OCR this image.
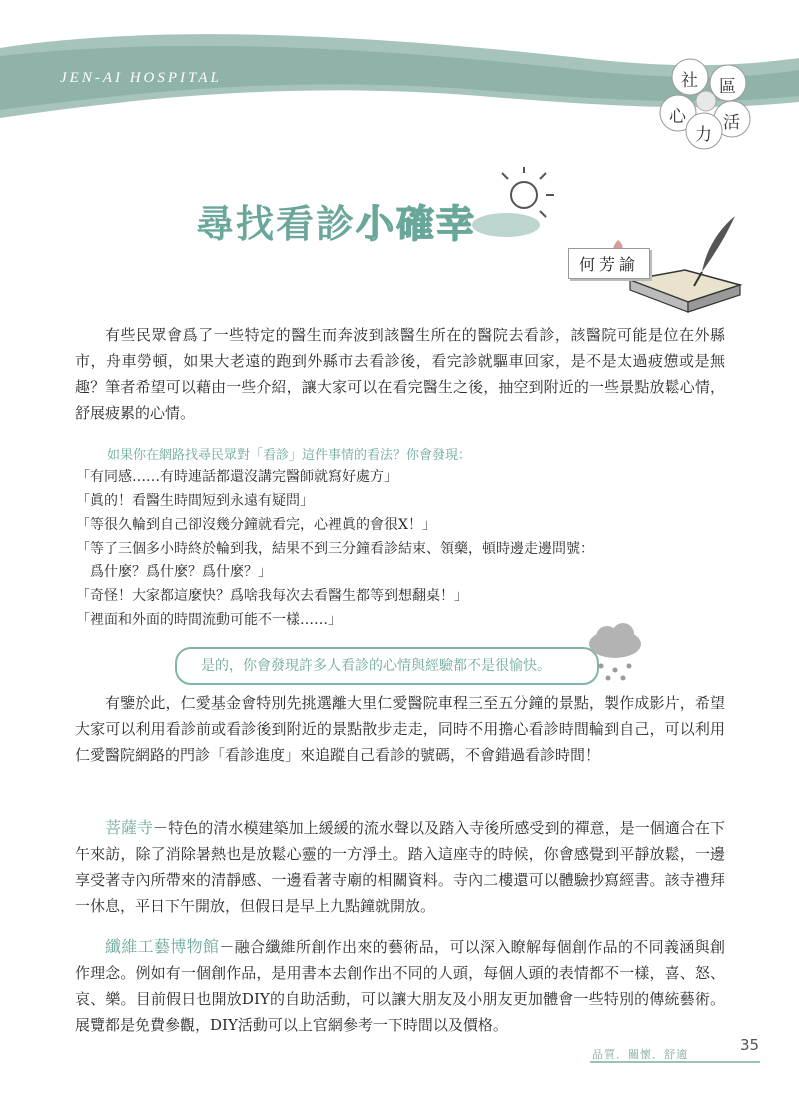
JEN-AI HOSPITAL	社 區
心 活
力
尋找看診小確幸
何芳諭

有些民眾會爲了一些特定的醫生而奔波到該醫生所在的醫院去看診，該醫院可能是位在外縣市，舟車勞頓，如果大老遠的跑到外縣市去看診後，看完診就驅車回家，是不是太過疲憊或是無趣？筆者希望可以藉由一些介紹，讓大家可以在看完醫生之後，抽空到附近的一些景點放鬆心情，舒展疲累的心情。

如果你在網路找尋民眾對「看診」這件事情的看法？你會發現：
「有同感……有時連話都還沒講完醫師就寫好處方」
「眞的！看醫生時間短到永遠有疑問」
「等很久輪到自己卻沒幾分鐘就看完，心裡眞的會很X！」
「等了三個多小時終於輪到我，結果不到三分鐘看診結束、領藥，頓時邊走邊問號：
　爲什麼？爲什麼？爲什麼？」
「奇怪！大家都這麼快？爲啥我每次去看醫生都等到想翻桌！」
「裡面和外面的時間流動可能不一樣……」
是的，你會發現許多人看診的心情與經驗都不是很愉快。

有鑒於此，仁愛基金會特別先挑選離大里仁愛醫院車程三至五分鐘的景點，製作成影片，希望大家可以利用看診前或看診後到附近的景點散步走走，同時不用擔心看診時間輪到自己，可以利用仁愛醫院網路的門診「看診進度」來追蹤自己看診的號碼，不會錯過看診時間！

菩薩寺－特色的清水模建築加上緩緩的流水聲以及踏入寺後所感受到的禪意，是一個適合在下午來訪，除了消除暑熱也是放鬆心靈的一方淨土。踏入這座寺的時候，你會感覺到平靜放鬆，一邊享受著寺內所帶來的清靜感、一邊看著寺廟的相關資料。寺內二樓還可以體驗抄寫經書。該寺禮拜一休息，平日下午開放，但假日是早上九點鐘就開放。

纖維工藝博物館－融合纖維所創作出來的藝術品，可以深入瞭解每個創作品的不同義涵與創作理念。例如有一個創作品，是用書本去創作出不同的人頭，每個人頭的表情都不一樣，喜、怒、哀、樂。目前假日也開放DIY的自助活動，可以讓大朋友及小朋友更加體會一些特別的傳統藝術。展覽都是免費參觀，DIY活動可以上官網參考一下時間以及價格。

品質．關懷．舒適
35
